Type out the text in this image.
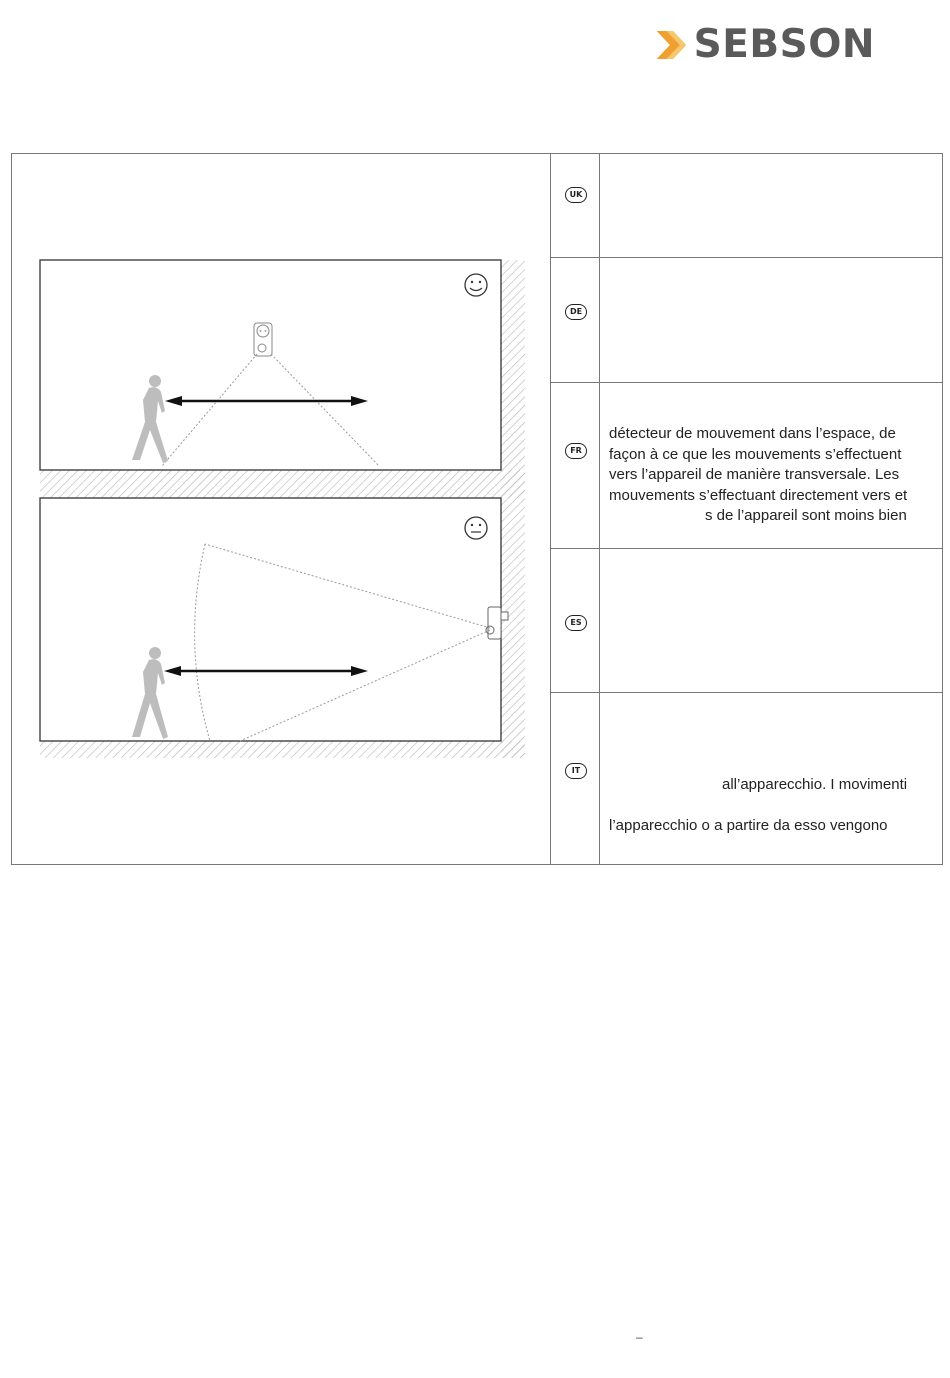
SEBSON
UK
DE
FR
détecteur de mouvement dans l’espace, de
façon à ce que les mouvements s’effectuent
vers l’appareil de manière transversale. Les
mouvements s’effectuant directement vers et
s de l’appareil sont moins bien
ES
IT
all’apparecchio. I movimenti
l’apparecchio o a partire da esso vengono
–
